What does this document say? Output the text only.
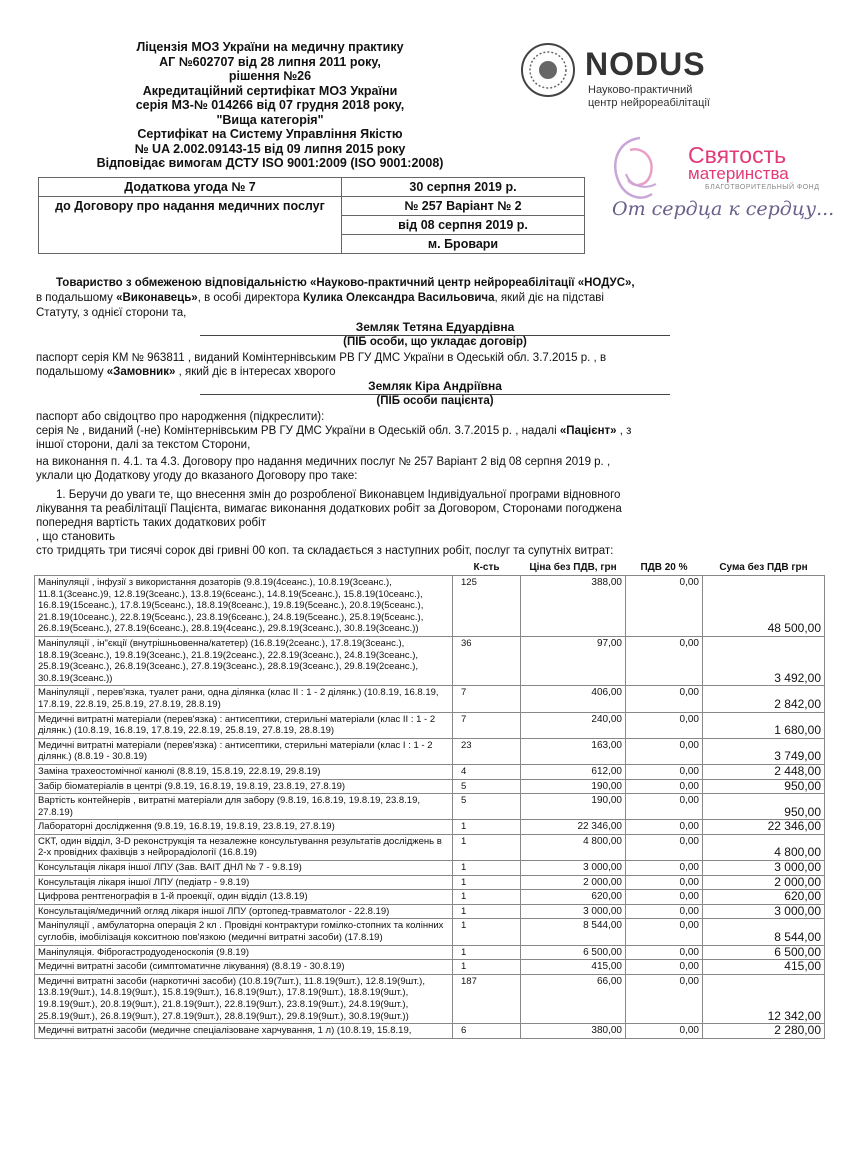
Ліцензія МОЗ України на медичну практику
АГ №602707 від 28 липня 2011 року,
рішення №26
Акредитаційний сертифікат МОЗ України
серія МЗ-№ 014266 від 07 грудня 2018 року,
"Вища категорія"
Сертифікат на Систему Управління Якістю
№ UA 2.002.09143-15 від 09 липня 2015 року
Відповідає вимогам ДСТУ ISO 9001:2009 (ISO 9001:2008)
NODUS
Науково-практичний
центр нейрореабілітації
Святость
материнства
БЛАГОТВОРИТЕЛЬНЫЙ ФОНД
От сердца к сердцу...
Додаткова угода № 7	30 серпня 2019 р.
до Договору про надання медичних послуг	№ 257 Варіант № 2
	від 08 серпня 2019 р.
	м. Бровари
Товариство з обмеженою відповідальністю «Науково-практичний центр нейрореабілітації «НОДУС»,
в подальшому «Виконавець», в особі директора Кулика Олександра Васильовича, який діє на підставі
Статуту, з однієї сторони та,
Земляк Тетяна Едуардівна
(ПІБ особи, що укладає договір)
паспорт серія КМ № 963811 , виданий Комінтернівським РВ ГУ ДМС України в Одеській обл. 3.7.2015 р. , в
подальшому «Замовник» , який діє в інтересах хворого
Земляк Кіра Андріївна
(ПІБ особи пацієнта)
паспорт або свідоцтво про народження (підкреслити):
серія № , виданий (-не) Комінтернівським РВ ГУ ДМС України в Одеській обл. 3.7.2015 р. , надалі «Пацієнт» , з
іншої сторони, далі за текстом Сторони,
на виконання п. 4.1. та 4.3. Договору про надання медичних послуг № 257 Варіант 2 від 08 серпня 2019 р. ,
уклали цю Додаткову угоду до вказаного Договору про таке:
1. Беручи до уваги те, що внесення змін до розробленої Виконавцем Індивідуальної програми відновного
лікування та реабілітації Пацієнта, вимагає виконання додаткових робіт за Договором, Сторонами погоджена
попередня вартість таких додаткових робіт
, що становить
сто тридцять три тисячі сорок дві гривні 00 коп. та складається з наступних робіт, послуг та супутніх витрат:
	К-сть	Ціна без ПДВ, грн	ПДВ 20 %	Сума без ПДВ грн
Маніпуляції , інфузії з використання дозаторів (9.8.19(4сеанс.), 10.8.19(3сеанс.), 11.8.1(3сеанс.)9, 12.8.19(3сеанс.), 13.8.19(6сеанс.), 14.8.19(5сеанс.), 15.8.19(10сеанс.), 16.8.19(15сеанс.), 17.8.19(5сеанс.), 18.8.19(8сеанс.), 19.8.19(5сеанс.), 20.8.19(5сеанс.), 21.8.19(10сеанс.), 22.8.19(5сеанс.), 23.8.19(6сеанс.), 24.8.19(5сеанс.), 25.8.19(5сеанс.), 26.8.19(5сеанс.), 27.8.19(6сеанс.), 28.8.19(4сеанс.), 29.8.19(3сеанс.), 30.8.19(3сеанс.))	125	388,00	0,00	48 500,00
Маніпуляції , ін"єкції (внутрішньовенна/катетер) (16.8.19(2сеанс.), 17.8.19(3сеанс.), 18.8.19(3сеанс.), 19.8.19(3сеанс.), 21.8.19(2сеанс.), 22.8.19(3сеанс.), 24.8.19(3сеанс.), 25.8.19(3сеанс.), 26.8.19(3сеанс.), 27.8.19(3сеанс.), 28.8.19(3сеанс.), 29.8.19(2сеанс.), 30.8.19(3сеанс.))	36	97,00	0,00	3 492,00
Маніпуляції , перев'язка, туалет рани, одна ділянка (клас II : 1 - 2 ділянк.) (10.8.19, 16.8.19, 17.8.19, 22.8.19, 25.8.19, 27.8.19, 28.8.19)	7	406,00	0,00	2 842,00
Медичні витратні матеріали (перев'язка) : антисептики, стерильні матеріали (клас II : 1 - 2 ділянк.) (10.8.19, 16.8.19, 17.8.19, 22.8.19, 25.8.19, 27.8.19, 28.8.19)	7	240,00	0,00	1 680,00
Медичні витратні матеріали (перев'язка) : антисептики, стерильні матеріали (клас I : 1 - 2 ділянк.) (8.8.19 - 30.8.19)	23	163,00	0,00	3 749,00
Заміна трахеостомічної канюлі (8.8.19, 15.8.19, 22.8.19, 29.8.19)	4	612,00	0,00	2 448,00
Забір біоматеріалів в центрі (9.8.19, 16.8.19, 19.8.19, 23.8.19, 27.8.19)	5	190,00	0,00	950,00
Вартість контейнерів , витратні матеріали для забору (9.8.19, 16.8.19, 19.8.19, 23.8.19, 27.8.19)	5	190,00	0,00	950,00
Лабораторні дослідження (9.8.19, 16.8.19, 19.8.19, 23.8.19, 27.8.19)	1	22 346,00	0,00	22 346,00
СКТ, один відділ, 3-D реконструкція та незалежне консультування результатів досліджень в 2-х провідних фахівців з нейрорадіології (16.8.19)	1	4 800,00	0,00	4 800,00
Консультація лікаря іншої ЛПУ (Зав. ВАІТ ДНЛ № 7 - 9.8.19)	1	3 000,00	0,00	3 000,00
Консультація лікаря іншої ЛПУ (педіатр - 9.8.19)	1	2 000,00	0,00	2 000,00
Цифрова рентгенографія в 1-й проекції, один відділ (13.8.19)	1	620,00	0,00	620,00
Консультація/медичний огляд лікаря іншої ЛПУ (ортопед-травматолог - 22.8.19)	1	3 000,00	0,00	3 000,00
Маніпуляції , амбулаторна операція 2 кл . Провідні контрактури гомілко-стопних та колінних суглобів, імобілізація кокситною пов'язкою (медичні витратні засоби) (17.8.19)	1	8 544,00	0,00	8 544,00
Маніпуляція. Фіброгастродуоденоскопія (9.8.19)	1	6 500,00	0,00	6 500,00
Медичні витратні засоби (симптоматичне лікування) (8.8.19 - 30.8.19)	1	415,00	0,00	415,00
Медичні витратні засоби (наркотичні засоби) (10.8.19(7шт.), 11.8.19(9шт.), 12.8.19(9шт.), 13.8.19(9шт.), 14.8.19(9шт.), 15.8.19(9шт.), 16.8.19(9шт.), 17.8.19(9шт.), 18.8.19(9шт.), 19.8.19(9шт.), 20.8.19(9шт.), 21.8.19(9шт.), 22.8.19(9шт.), 23.8.19(9шт.), 24.8.19(9шт.), 25.8.19(9шт.), 26.8.19(9шт.), 27.8.19(9шт.), 28.8.19(9шт.), 29.8.19(9шт.), 30.8.19(9шт.))	187	66,00	0,00	12 342,00
Медичні витратні засоби (медичне спеціалізоване харчування, 1 л) (10.8.19, 15.8.19,	6	380,00	0,00	2 280,00
